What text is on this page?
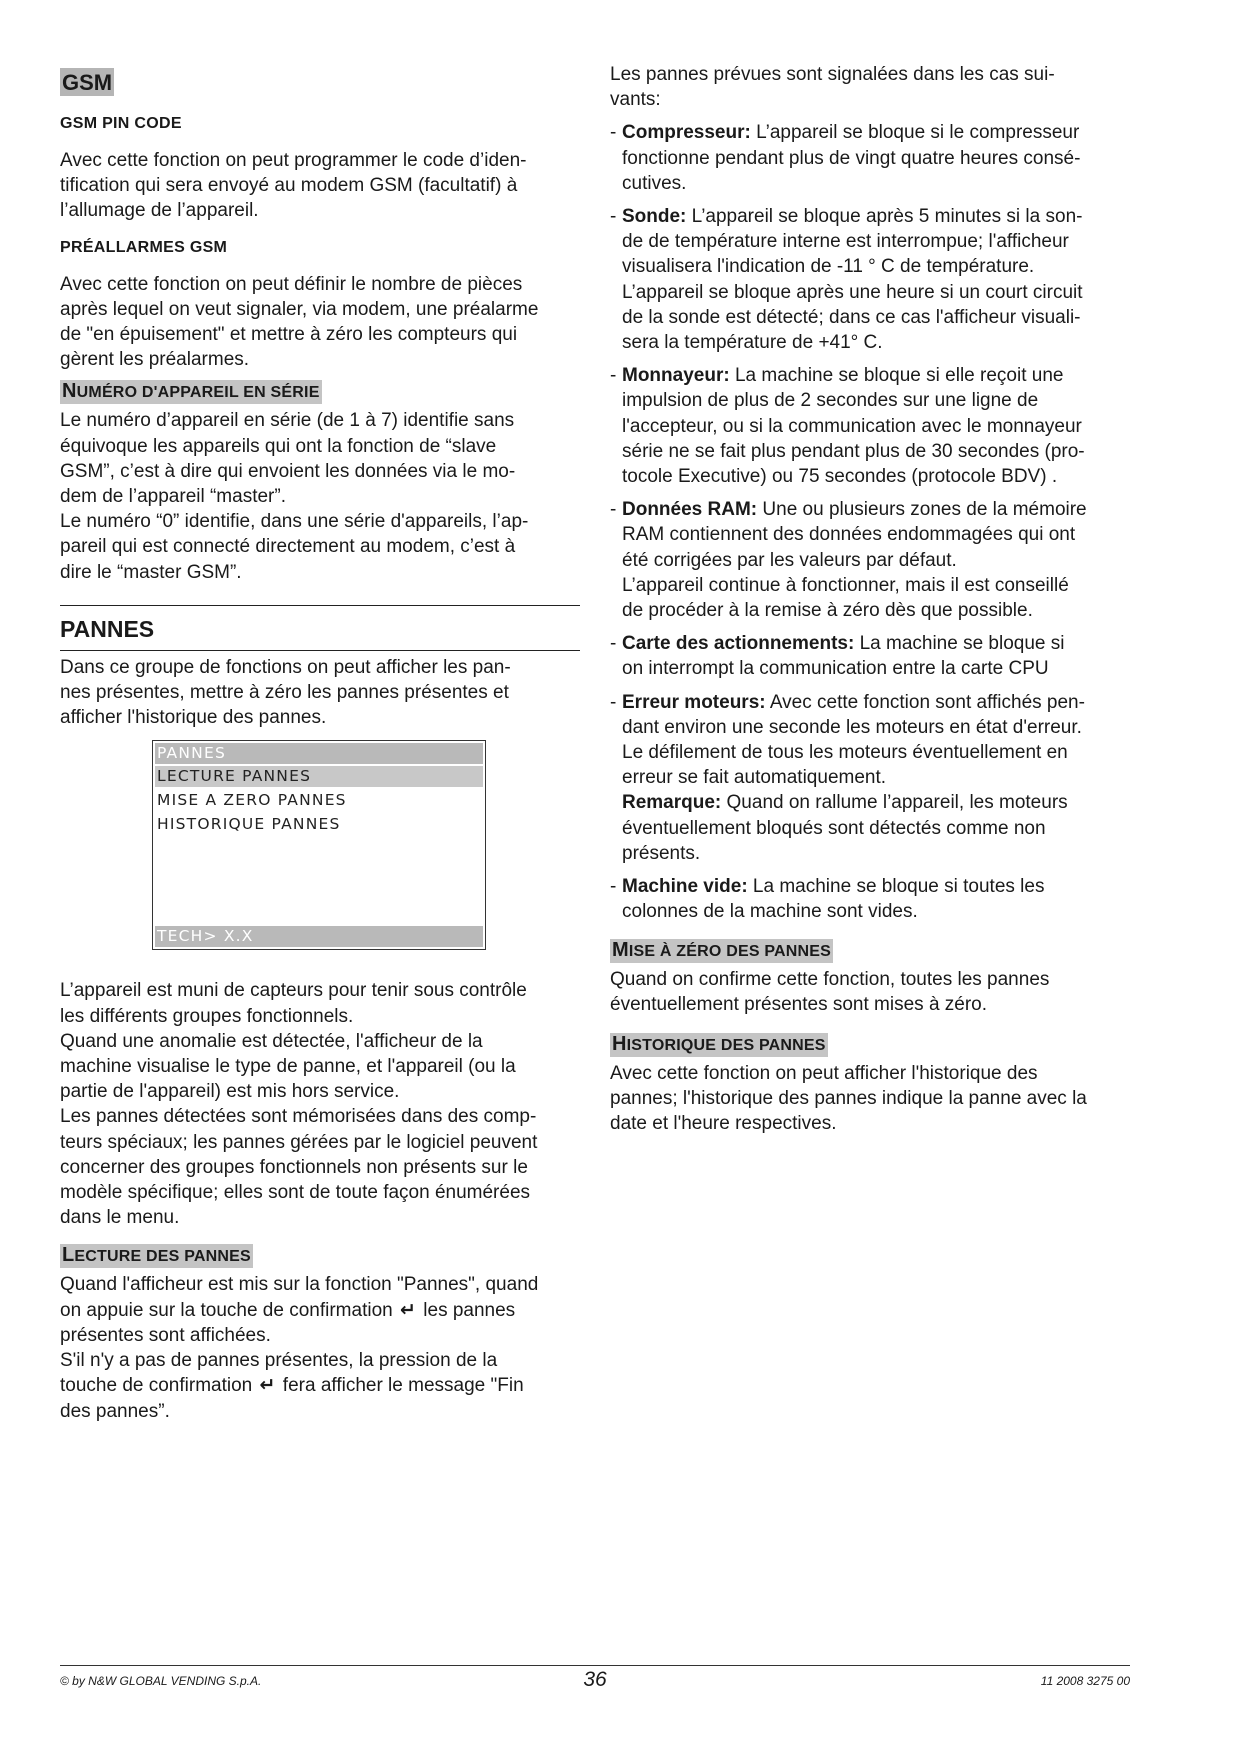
GSM
GSM PIN CODE

Avec cette fonction on peut programmer le code d’iden-

tification qui sera envoyé au modem GSM (facultatif) à

l’allumage de l’appareil.

PRÉALLARMES GSM

Avec cette fonction on peut définir le nombre de pièces

après lequel on veut signaler, via modem, une préalarme

de "en épuisement" et mettre à zéro les compteurs qui

gèrent les préalarmes.

NUMÉRO D'APPAREIL EN SÉRIE

Le numéro d’appareil en série (de 1 à 7) identifie sans

équivoque les appareils qui ont la fonction de “slave

GSM”, c’est à dire qui envoient les données via le mo-

dem de l’appareil “master”.

Le numéro “0” identifie, dans une série d'appareils, l’ap-

pareil qui est connecté directement au modem, c’est à

dire le “master GSM”.

PANNES

Dans ce groupe de fonctions on peut afficher les pan-

nes présentes, mettre à zéro les pannes présentes et

afficher l'historique des pannes.

PANNES
LECTURE PANNES
MISE A ZERO PANNES
HISTORIQUE PANNES
TECH> X.X

L’appareil est muni de capteurs pour tenir sous contrôle

les différents groupes fonctionnels.

Quand une anomalie est détectée, l'afficheur de la

machine visualise le type de panne, et l'appareil (ou la

partie de l'appareil) est mis hors service.

Les pannes détectées sont mémorisées dans des comp-

teurs spéciaux; les pannes gérées par le logiciel peuvent

concerner des groupes fonctionnels non présents sur le

modèle spécifique; elles sont de toute façon énumérées

dans le menu.

LECTURE DES PANNES

Quand l'afficheur est mis sur la fonction "Pannes", quand

on appuie sur la touche de confirmation ↵ les pannes

présentes sont affichées.

S'il n'y a pas de pannes présentes, la pression de la

touche de confirmation ↵ fera afficher le message "Fin

des pannes”.

Les pannes prévues sont signalées dans les cas sui-

vants:

- Compresseur: L’appareil se bloque si le compresseur

fonctionne pendant plus de vingt quatre heures consé-

cutives.

- Sonde: L’appareil se bloque après 5 minutes si la son-

de de température interne est interrompue; l'afficheur

visualisera l'indication de -11 ° C de température.

L’appareil se bloque après une heure si un court circuit

de la sonde est détecté; dans ce cas l'afficheur visuali-

sera la température de +41° C.

- Monnayeur: La machine se bloque si elle reçoit une

impulsion de plus de 2 secondes sur une ligne de

l'accepteur, ou si la communication avec le monnayeur

série ne se fait plus pendant plus de 30 secondes (pro-

tocole Executive) ou 75 secondes (protocole BDV) .

- Données RAM: Une ou plusieurs zones de la mémoire

RAM contiennent des données endommagées qui ont

été corrigées par les valeurs par défaut.

L’appareil continue à fonctionner, mais il est conseillé

de procéder à la remise à zéro dès que possible.

- Carte des actionnements: La machine se bloque si

on interrompt la communication entre la carte CPU

- Erreur moteurs: Avec cette fonction sont affichés pen-

dant environ une seconde les moteurs en état d'erreur.

Le défilement de tous les moteurs éventuellement en

erreur se fait automatiquement.

Remarque: Quand on rallume l’appareil, les moteurs

éventuellement bloqués sont détectés comme non

présents.

- Machine vide: La machine se bloque si toutes les

colonnes de la machine sont vides.

MISE À ZÉRO DES PANNES

Quand on confirme cette fonction, toutes les pannes

éventuellement présentes sont mises à zéro.

HISTORIQUE DES PANNES

Avec cette fonction on peut afficher l'historique des

pannes; l'historique des pannes indique la panne avec la

date et l'heure respectives.

© by N&W GLOBAL VENDING S.p.A.	36	11 2008 3275 00
